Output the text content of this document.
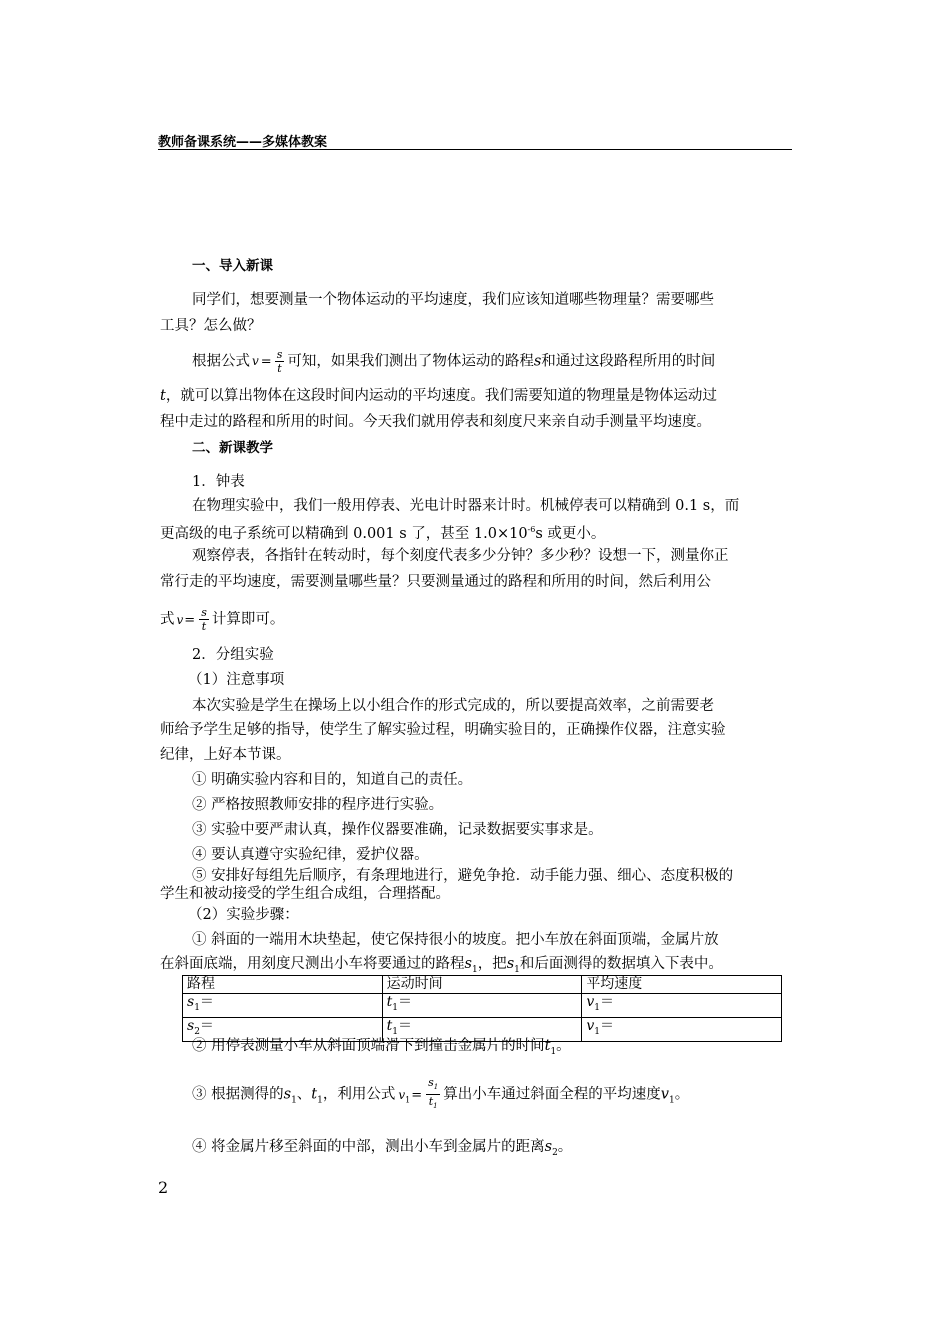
教师备课系统——多媒体教案
一、导入新课
同学们，想要测量一个物体运动的平均速度，我们应该知道哪些物理量？需要哪些
工具？怎么做？
根据公式 $v = \frac{s}{t}$ 可知，如果我们测出了物体运动的路程s和通过这段路程所用的时间
t，就可以算出物体在这段时间内运动的平均速度。我们需要知道的物理量是物体运动过
程中走过的路程和所用的时间。今天我们就用停表和刻度尺来亲自动手测量平均速度。
二、新课教学
1．钟表
在物理实验中，我们一般用停表、光电计时器来计时。机械停表可以精确到 0.1 s，而
更高级的电子系统可以精确到 0.001 s 了，甚至 $1.0\times 10^{-6}s$ 或更小。
观察停表，各指针在转动时，每个刻度代表多少分钟？多少秒？设想一下，测量你正
常行走的平均速度，需要测量哪些量？只要测量通过的路程和所用的时间，然后利用公
式 $v= \frac{s}{t}$ 计算即可。
2．分组实验
（1）注意事项
本次实验是学生在操场上以小组合作的形式完成的，所以要提高效率，之前需要老
师给予学生足够的指导，使学生了解实验过程，明确实验目的，正确操作仪器，注意实验
纪律，上好本节课。
① 明确实验内容和目的，知道自己的责任。
② 严格按照教师安排的程序进行实验。
③ 实验中要严肃认真，操作仪器要准确，记录数据要实事求是。
④ 要认真遵守实验纪律，爱护仪器。
⑤ 安排好每组先后顺序，有条理地进行，避免争抢．动手能力强、细心、态度积极的
学生和被动接受的学生组合成组，合理搭配。
（2）实验步骤：
① 斜面的一端用木块垫起，使它保持很小的坡度。把小车放在斜面顶端，金属片放
在斜面底端，用刻度尺测出小车将要通过的路程$s_1$，把$s_1$和后面测得的数据填入下表中。
路程	运动时间	平均速度
$s_1=$	$t_1=$	$v_1=$
$s_2=$	$t_1=$	$v_1=$
② 用停表测量小车从斜面顶端滑下到撞击金属片的时间$t_1$。
③ 根据测得的$s_1$、$t_1$，利用公式 $v_1= \frac{s_1}{t_1}$ 算出小车通过斜面全程的平均速度$v_1$。
④ 将金属片移至斜面的中部，测出小车到金属片的距离$s_2$。
2
